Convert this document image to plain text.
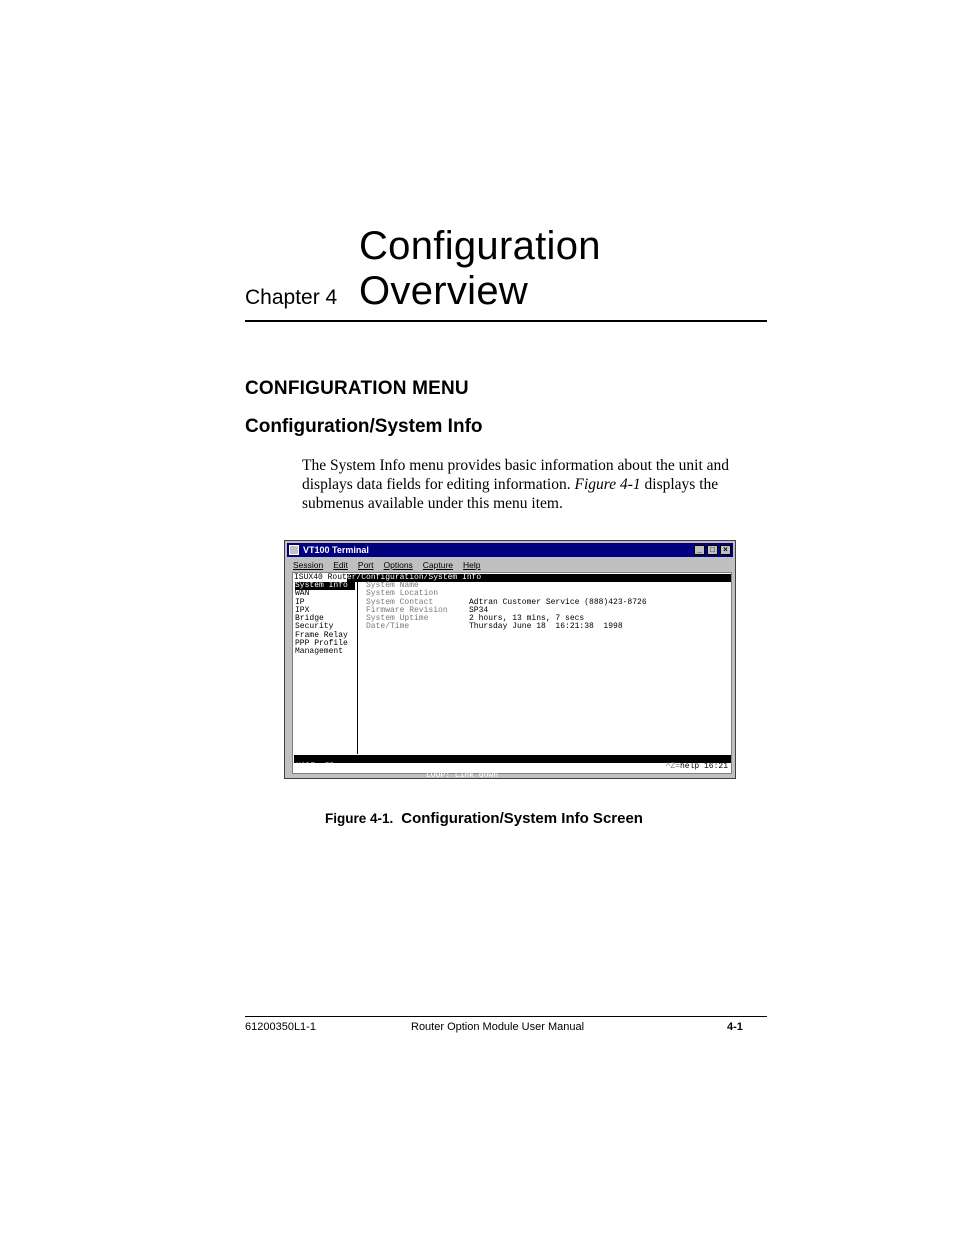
Chapter 4
Configuration Overview
CONFIGURATION MENU
Configuration/System Info

The System Info menu provides basic information about the unit and displays data fields for editing information. Figure 4-1 displays the submenus available under this menu item.

VT100 Terminal	_	□	×
Session Edit Port Options Capture Help
ISUX40 Router/Configuration/System Info
System Info
WAN
IP
IPX
Bridge
Security
Frame Relay
PPP Profile
Management
System Name
System Location
System Contact	Adtran Customer Service (888)423-8726
Firmware Revision	SP34
System Uptime	2 hours, 13 mins, 7 secs
Date/Time	Thursday June 18  16:21:38  1998

MODE: IP

LOOP: Link down

RATE: Idle

^Z=help 16:21
Figure 4-1. Configuration/System Info Screen
61200350L1-1	Router Option Module User Manual	4-1
